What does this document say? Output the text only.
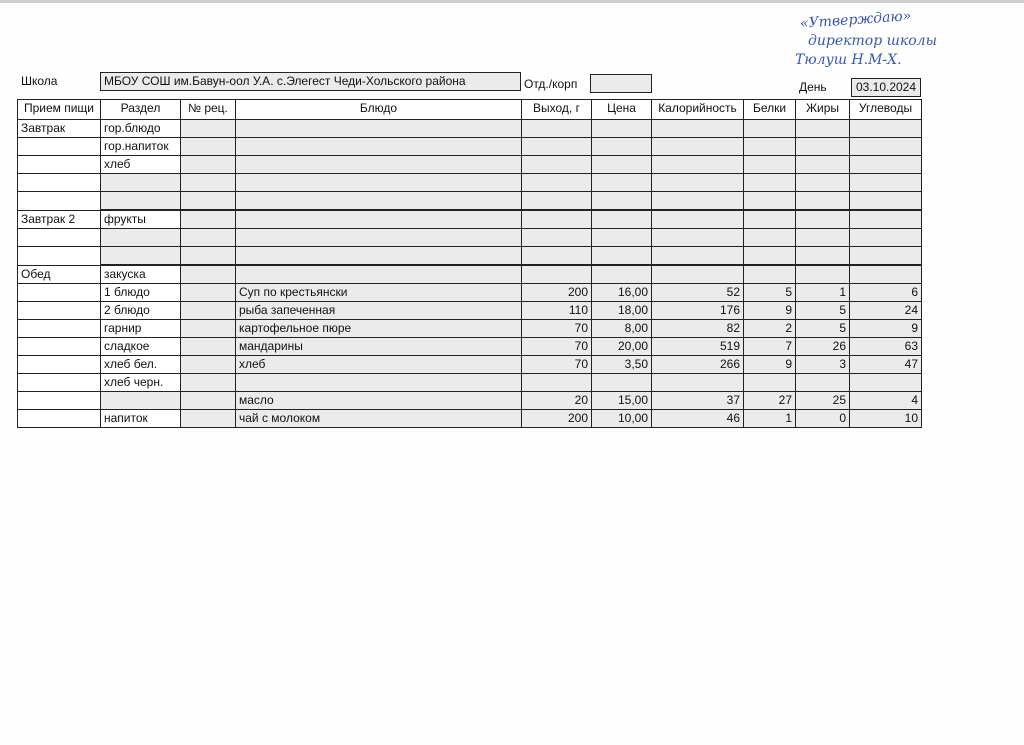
«Утверждаю»
директор школы
Тюлуш Н.М-Х.
Школа	МБОУ СОШ им.Бавун-оол У.А. с.Элегест Чеди-Хольского района	Отд./корп	День	03.10.2024
Прием пищи	Раздел	№ рец.	Блюдо	Выход, г	Цена	Калорийность	Белки	Жиры	Углеводы
Завтрак	гор.блюдо								
	гор.напиток								
	хлеб								

Завтрак 2	фрукты								

Обед	закуска								
	1 блюдо		Суп по крестьянски	200	16,00	52	5	1	6
	2 блюдо		рыба запеченная	110	18,00	176	9	5	24
	гарнир		картофельное пюре	70	8,00	82	2	5	9
	сладкое		мандарины	70	20,00	519	7	26	63
	хлеб бел.		хлеб	70	3,50	266	9	3	47
	хлеб черн.								
			масло	20	15,00	37	27	25	4
	напиток		чай с молоком	200	10,00	46	1	0	10
